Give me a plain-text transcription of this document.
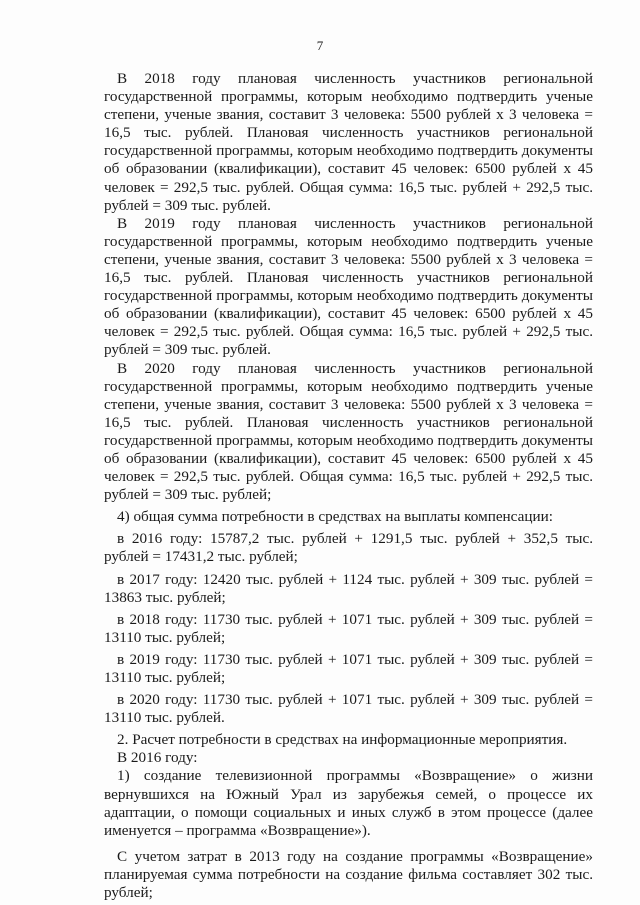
7

В 2018 году плановая численность участников региональной государственной программы, которым необходимо подтвердить ученые степени, ученые звания, составит 3 человека: 5500 рублей х 3 человека = 16,5 тыс. рублей. Плановая численность участников региональной государственной программы, которым необходимо подтвердить документы об образовании (квалификации), составит 45 человек: 6500 рублей х 45 человек = 292,5 тыс. рублей. Общая сумма: 16,5 тыс. рублей + 292,5 тыс. рублей = 309 тыс. рублей.

В 2019 году плановая численность участников региональной государственной программы, которым необходимо подтвердить ученые степени, ученые звания, составит 3 человека: 5500 рублей х 3 человека = 16,5 тыс. рублей. Плановая численность участников региональной государственной программы, которым необходимо подтвердить документы об образовании (квалификации), составит 45 человек: 6500 рублей х 45 человек = 292,5 тыс. рублей. Общая сумма: 16,5 тыс. рублей + 292,5 тыс. рублей = 309 тыс. рублей.

В 2020 году плановая численность участников региональной государственной программы, которым необходимо подтвердить ученые степени, ученые звания, составит 3 человека: 5500 рублей х 3 человека = 16,5 тыс. рублей. Плановая численность участников региональной государственной программы, которым необходимо подтвердить документы об образовании (квалификации), составит 45 человек: 6500 рублей х 45 человек = 292,5 тыс. рублей. Общая сумма: 16,5 тыс. рублей + 292,5 тыс. рублей = 309 тыс. рублей;

4) общая сумма потребности в средствах на выплаты компенсации:

в 2016 году: 15787,2 тыс. рублей + 1291,5 тыс. рублей + 352,5 тыс. рублей = 17431,2 тыс. рублей;

в 2017 году: 12420 тыс. рублей + 1124 тыс. рублей + 309 тыс. рублей = 13863 тыс. рублей;

в 2018 году: 11730 тыс. рублей + 1071 тыс. рублей + 309 тыс. рублей = 13110 тыс. рублей;

в 2019 году: 11730 тыс. рублей + 1071 тыс. рублей + 309 тыс. рублей = 13110 тыс. рублей;

в 2020 году: 11730 тыс. рублей + 1071 тыс. рублей + 309 тыс. рублей = 13110 тыс. рублей.

2. Расчет потребности в средствах на информационные мероприятия.

В 2016 году:

1) создание телевизионной программы «Возвращение» о жизни вернувшихся на Южный Урал из зарубежья семей, о процессе их адаптации, о помощи социальных и иных служб в этом процессе (далее именуется – программа «Возвращение»).

С учетом затрат в 2013 году на создание программы «Возвращение» планируемая сумма потребности на создание фильма составляет 302 тыс. рублей;
